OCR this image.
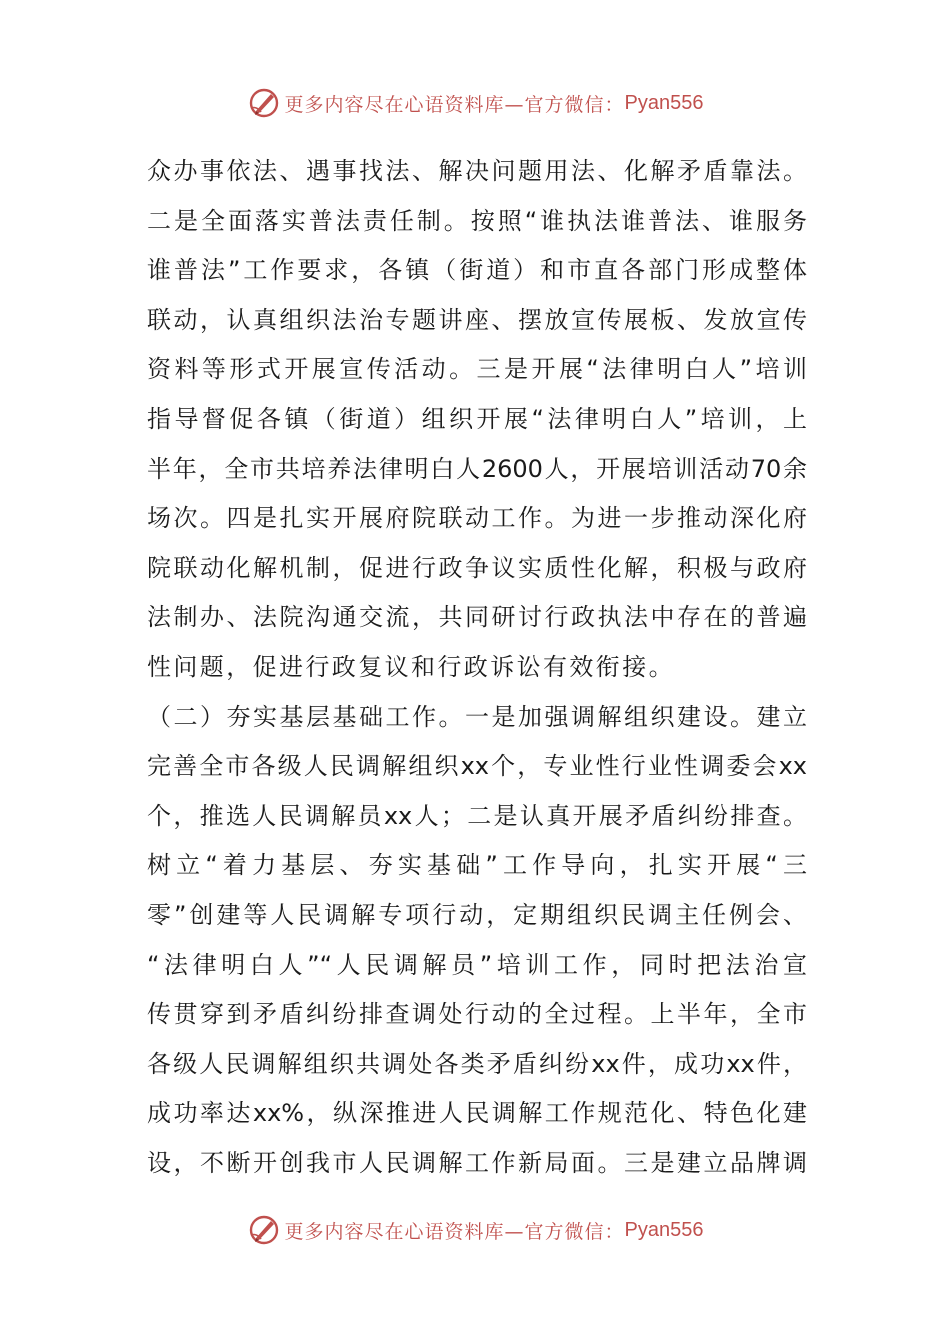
更多内容尽在心语资料库—官方微信： Pyan556
众办事依法、遇事找法、解决问题用法、化解矛盾靠法。
二是全面落实普法责任制。按照“谁执法谁普法、谁服务
谁普法”工作要求，各镇（街道）和市直各部门形成整体
联动，认真组织法治专题讲座、摆放宣传展板、发放宣传
资料等形式开展宣传活动。三是开展“法律明白人”培训
指导督促各镇（街道）组织开展“法律明白人”培训，上
半年，全市共培养法律明白人2600人，开展培训活动70余
场次。四是扎实开展府院联动工作。为进一步推动深化府
院联动化解机制，促进行政争议实质性化解，积极与政府
法制办、法院沟通交流，共同研讨行政执法中存在的普遍
性问题，促进行政复议和行政诉讼有效衔接。
（二）夯实基层基础工作。一是加强调解组织建设。建立
完善全市各级人民调解组织xx个，专业性行业性调委会xx
个，推选人民调解员xx人；二是认真开展矛盾纠纷排查。
树立“着力基层、夯实基础”工作导向，扎实开展“三
零”创建等人民调解专项行动，定期组织民调主任例会、
“法律明白人”“人民调解员”培训工作，同时把法治宣
传贯穿到矛盾纠纷排查调处行动的全过程。上半年，全市
各级人民调解组织共调处各类矛盾纠纷xx件，成功xx件，
成功率达xx%，纵深推进人民调解工作规范化、特色化建
设，不断开创我市人民调解工作新局面。三是建立品牌调
更多内容尽在心语资料库—官方微信： Pyan556
